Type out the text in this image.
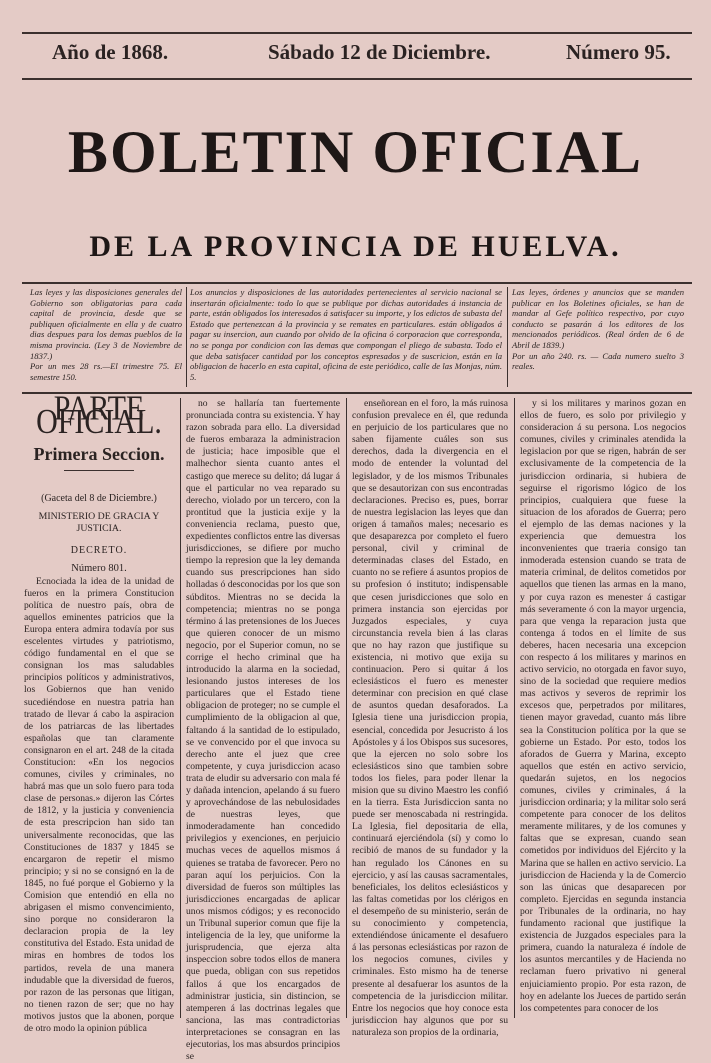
Año de 1868.	Sábado 12 de Diciembre.	Número 95.
BOLETIN OFICIAL
DE LA PROVINCIA DE HUELVA.
Las leyes y las disposiciones generales del Gobierno son obligatorias para cada capital de provincia, desde que se publiquen oficialmente en ella y de cuatro dias despues para los demas pueblos de la misma provincia. (Ley 3 de Noviembre de 1837.)
Por un mes 28 rs.—El trimestre 75. El semestre 150.
Los anuncios y disposiciones de las autoridades pertenecientes al servicio nacional se insertarán oficialmente: todo lo que se publique por dichas autoridades á instancia de parte, están obligados los interesados á satisfacer su importe, y los edictos de subasta del Estado que pertenezcan á la provincia y se remates en particulares. están obligados á pagar su insercion, aun cuando por olvido de la oficina ó corporacion que corresponda, no se ponga por condicion con las demas que compongan el pliego de subasta. Todo el que deba satisfacer cantidad por los conceptos espresados y de suscricion, están en la obligacion de hacerlo en esta capital, oficina de este periódico, calle de las Monjas, núm. 5.
Las leyes, órdenes y anuncios que se manden publicar en los Boletines oficiales, se han de mandar al Gefe político respectivo, por cuyo conducto se pasarán á los editores de los mencionados periódicos. (Real órden de 6 de Abril de 1839.)
Por un año 240. rs. — Cada numero suelto 3 reales.
PARTE OFICIAL.
Primera Seccion.
(Gaceta del 8 de Diciembre.)
MINISTERIO DE GRACIA Y JUSTICIA.
DECRETO.
Número 801.

Ecnociada la idea de la unidad de fueros en la primera Constitucion política de nuestro país, obra de aquellos eminentes patricios que la Europa entera admira todavía por sus escelentes virtudes y patriotismo, código fundamental en el que se consignan los mas saludables principios políticos y administrativos, los Gobiernos que han venido sucediéndose en nuestra patria han tratado de llevar á cabo la aspiracion de los patriarcas de las libertades españolas que tan claramente consignaron en el art. 248 de la citada Constitucion: «En los negocios comunes, civiles y criminales, no habrá mas que un solo fuero para toda clase de personas.» dijeron las Córtes de 1812, y la justicia y conveniencia de esta prescripcion han sido tan universalmente reconocidas, que las Constituciones de 1837 y 1845 se encargaron de repetir el mismo principio; y si no se consignó en la de 1845, no fué porque el Gobierno y la Comision que entendió en ella no abrigasen el mismo convencimiento, sino porque no consideraron la declaracion propia de la ley constitutiva del Estado. Esta unidad de miras en hombres de todos los partidos, revela de una manera indudable que la diversidad de fueros, por razon de las personas que litigan, no tienen razon de ser; que no hay motivos justos que la abonen, porque de otro modo la opinion pública

no se hallaría tan fuertemente pronunciada contra su existencia. Y hay razon sobrada para ello. La diversidad de fueros embaraza la administracion de justicia; hace imposible que el malhechor sienta cuanto antes el castigo que merece su delito; dá lugar á que el particular no vea reparado su derecho, violado por un tercero, con la prontitud que la justicia exije y la conveniencia reclama, puesto que, expedientes conflictos entre las diversas jurisdicciones, se difiere por mucho tiempo la represion que la ley demanda cuando sus prescripciones han sido holladas ó desconocidas por los que son súbditos. Mientras no se decida la competencia; mientras no se ponga término á las pretensiones de los Jueces que quieren conocer de un mismo negocio, por el Superior comun, no se corrige el hecho criminal que ha introducido la alarma en la sociedad, lesionando justos intereses de los particulares que el Estado tiene obligacion de proteger; no se cumple el cumplimiento de la obligacion al que, faltando á la santidad de lo estipulado, se ve convencido por el que invoca su derecho ante el juez que cree competente, y cuya jurisdiccion acaso trata de eludir su adversario con mala fé y dañada intencion, apelando á su fuero y aprovechándose de las nebulosidades de nuestras leyes, que inmoderadamente han concedido privilegios y exenciones, en perjuicio muchas veces de aquellos mismos á quienes se trataba de favorecer. Pero no paran aquí los perjuicios. Con la diversidad de fueros son múltiples las jurisdicciones encargadas de aplicar unos mismos códigos; y es reconocido un Tribunal superior comun que fije la inteligencia de la ley, que uniforme la jurisprudencia, que ejerza alta inspeccion sobre todos ellos de manera que pueda, obligan con sus repetidos fallos á que los encargados de administrar justicia, sin distincion, se atemperen á las doctrinas legales que sanciona, las mas contradictorias interpretaciones se consagran en las ejecutorias, los mas absurdos principios se

enseñorean en el foro, la más ruinosa confusion prevalece en él, que redunda en perjuicio de los particulares que no saben fijamente cuáles son sus derechos, dada la divergencia en el modo de entender la voluntad del legislador, y de los mismos Tribunales que se desautorizan con sus encontradas declaraciones. Preciso es, pues, borrar de nuestra legislacion las leyes que dan origen á tamaños males; necesario es que desaparezca por completo el fuero personal, civil y criminal de determinadas clases del Estado, en cuanto no se refiere á asuntos propios de su profesion ó instituto; indispensable que cesen jurisdicciones que solo en primera instancia son ejercidas por Juzgados especiales, y cuya circunstancia revela bien á las claras que no hay razon que justifique su existencia, ni motivo que exija su continuacion. Pero si quitar á los eclesiásticos el fuero es menester determinar con precision en qué clase de asuntos quedan desaforados. La Iglesia tiene una jurisdiccion propia, esencial, concedida por Jesucristo á los Apóstoles y á los Obispos sus sucesores, que la ejercen no solo sobre los eclesiásticos sino que tambien sobre todos los fieles, para poder llenar la mision que su divino Maestro les confió en la tierra. Esta Jurisdiccion santa no puede ser menoscabada ni restringida. La Iglesia, fiel depositaria de ella, continuará ejerciéndola (sí) y como lo recibió de manos de su fundador y la han regulado los Cánones en su ejercicio, y así las causas sacramentales, beneficiales, los delitos eclesiásticos y las faltas cometidas por los clérigos en el desempeño de su ministerio, serán de su conocimiento y competencia, extendiéndose únicamente el desafuero á las personas eclesiásticas por razon de los negocios comunes, civiles y criminales. Esto mismo ha de tenerse presente al desafuerar los asuntos de la competencia de la jurisdiccion militar. Entre los negocios que hoy conoce esta jurisdiccion hay algunos que por su naturaleza son propios de la ordinaria,

y si los militares y marinos gozan en ellos de fuero, es solo por privilegio y consideracion á su persona. Los negocios comunes, civiles y criminales atendida la legislacion por que se rigen, habrán de ser exclusivamente de la competencia de la jurisdiccion ordinaria, si hubiera de seguirse el rigorismo lógico de los principios, cualquiera que fuese la situacion de los aforados de Guerra; pero el ejemplo de las demas naciones y la experiencia que demuestra los inconvenientes que traeria consigo tan inmoderada estension cuando se trata de materia criminal, de delitos cometidos por aquellos que tienen las armas en la mano, y por cuya razon es menester á castigar más severamente ó con la mayor urgencia, para que venga la reparacion justa que contenga á todos en el límite de sus deberes, hacen necesaria una excepcion con respecto á los militares y marinos en activo servicio, no otorgada en favor suyo, sino de la sociedad que requiere medios mas activos y severos de reprimir los excesos que, perpetrados por militares, tienen mayor gravedad, cuanto más libre sea la Constitucion política por la que se gobierne un Estado. Por esto, todos los aforados de Guerra y Marina, excepto aquellos que estén en activo servicio, quedarán sujetos, en los negocios comunes, civiles y criminales, á la jurisdiccion ordinaria; y la militar solo será competente para conocer de los delitos meramente militares, y de los comunes y faltas que se expresan, cuando sean cometidos por individuos del Ejército y la Marina que se hallen en activo servicio. La jurisdiccion de Hacienda y la de Comercio son las únicas que desaparecen por completo. Ejercidas en segunda instancia por Tribunales de la ordinaria, no hay fundamento racional que justifique la existencia de Juzgados especiales para la primera, cuando la naturaleza é índole de los asuntos mercantiles y de Hacienda no reclaman fuero privativo ni general enjuiciamiento propio. Por esta razon, de hoy en adelante los Jueces de partido serán los competentes para conocer de los
